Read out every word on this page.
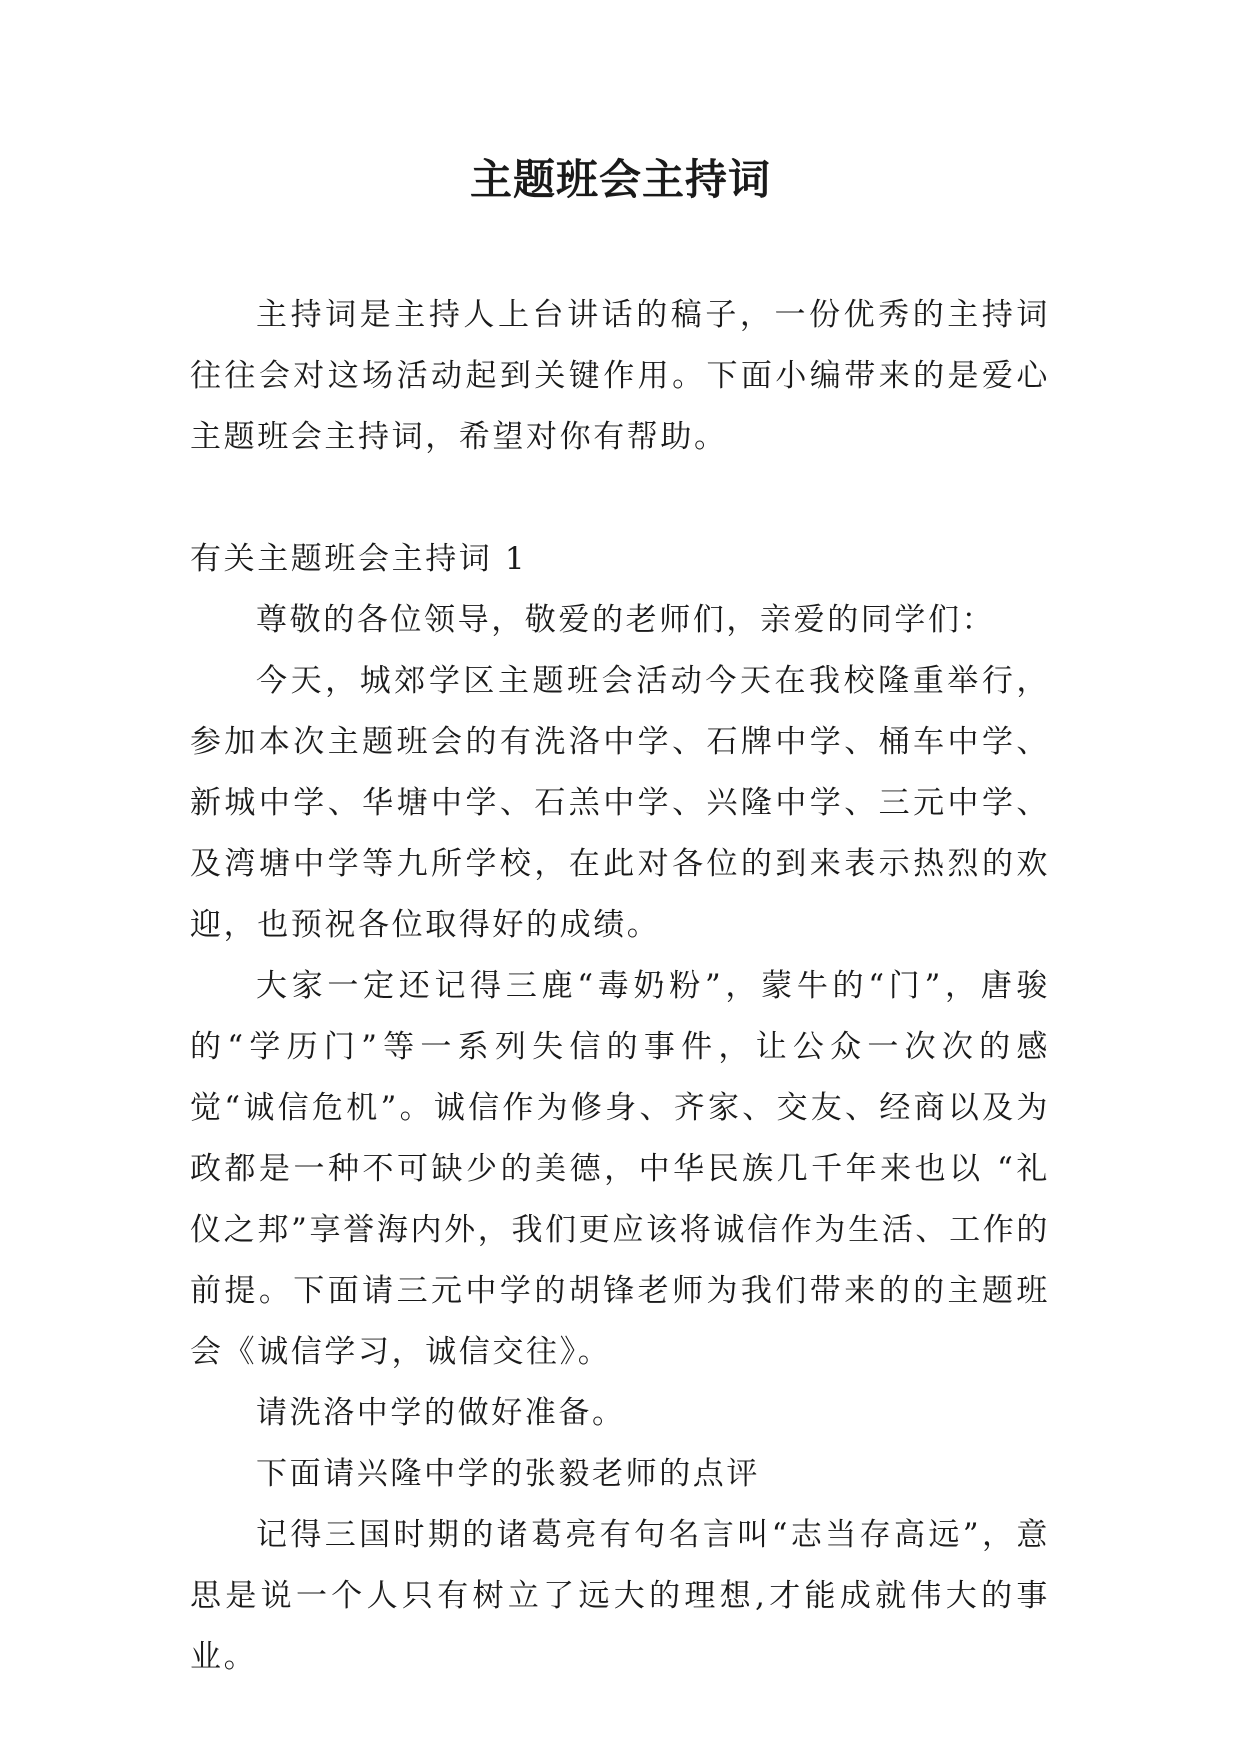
主题班会主持词

主持词是主持人上台讲话的稿子，一份优秀的主持词往往会对这场活动起到关键作用。下面小编带来的是爱心主题班会主持词，希望对你有帮助。

有关主题班会主持词 1

尊敬的各位领导，敬爱的老师们，亲爱的同学们：

今天，城郊学区主题班会活动今天在我校隆重举行，参加本次主题班会的有洗洛中学、石牌中学、桶车中学、新城中学、华塘中学、石羔中学、兴隆中学、三元中学、及湾塘中学等九所学校，在此对各位的到来表示热烈的欢迎，也预祝各位取得好的成绩。

大家一定还记得三鹿“毒奶粉”，蒙牛的“门”，唐骏的“学历门”等一系列失信的事件，让公众一次次的感觉“诚信危机”。诚信作为修身、齐家、交友、经商以及为政都是一种不可缺少的美德，中华民族几千年来也以 “礼仪之邦”享誉海内外，我们更应该将诚信作为生活、工作的前提。下面请三元中学的胡锋老师为我们带来的的主题班会《诚信学习，诚信交往》。

请洗洛中学的做好准备。

下面请兴隆中学的张毅老师的点评

记得三国时期的诸葛亮有句名言叫“志当存高远”，意思是说一个人只有树立了远大的理想,才能成就伟大的事业。
